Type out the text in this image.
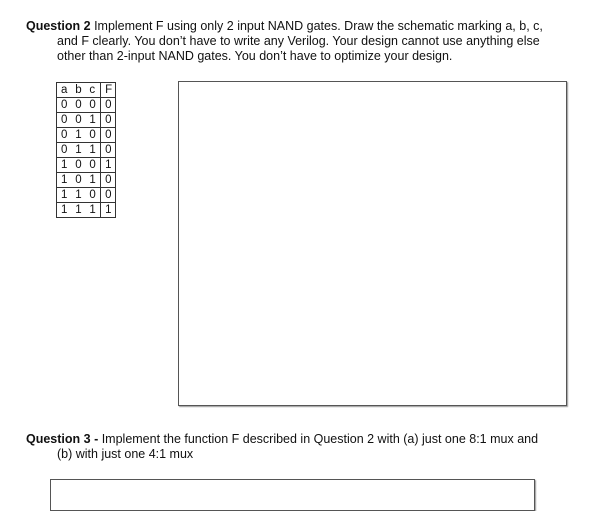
Question 2 Implement F using only 2 input NAND gates. Draw the schematic marking a, b, c,
and F clearly. You don’t have to write any Verilog. Your design cannot use anything else
other than 2-input NAND gates. You don’t have to optimize your design.
a b c	F
0 0 0	0
0 0 1	0
0 1 0	0
0 1 1	0
1 0 0	1
1 0 1	0
1 1 0	0
1 1 1	1
Question 3 - Implement the function F described in Question 2 with (a) just one 8:1 mux and
(b) with just one 4:1 mux
